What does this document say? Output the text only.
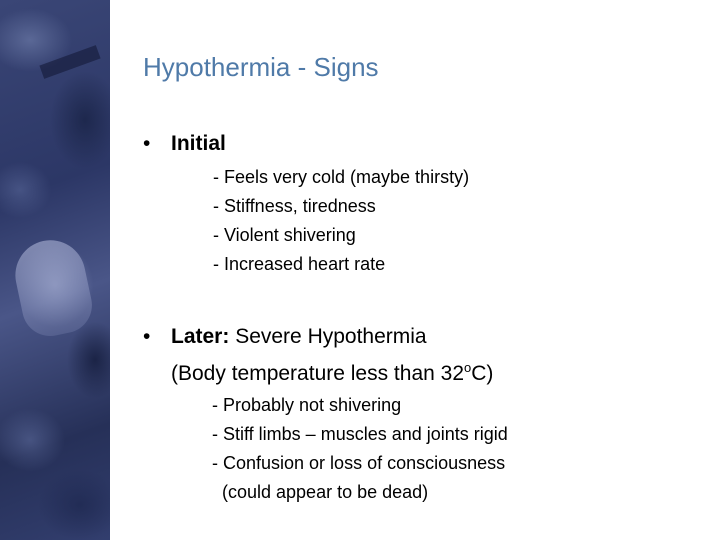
Hypothermia - Signs
• Initial
- Feels very cold (maybe thirsty)
- Stiffness, tiredness
- Violent shivering
- Increased heart rate
• Later: Severe Hypothermia
(Body temperature less than 32$^o$C)
- Probably not shivering
- Stiff limbs – muscles and joints rigid
- Confusion or loss of consciousness
(could appear to be dead)
